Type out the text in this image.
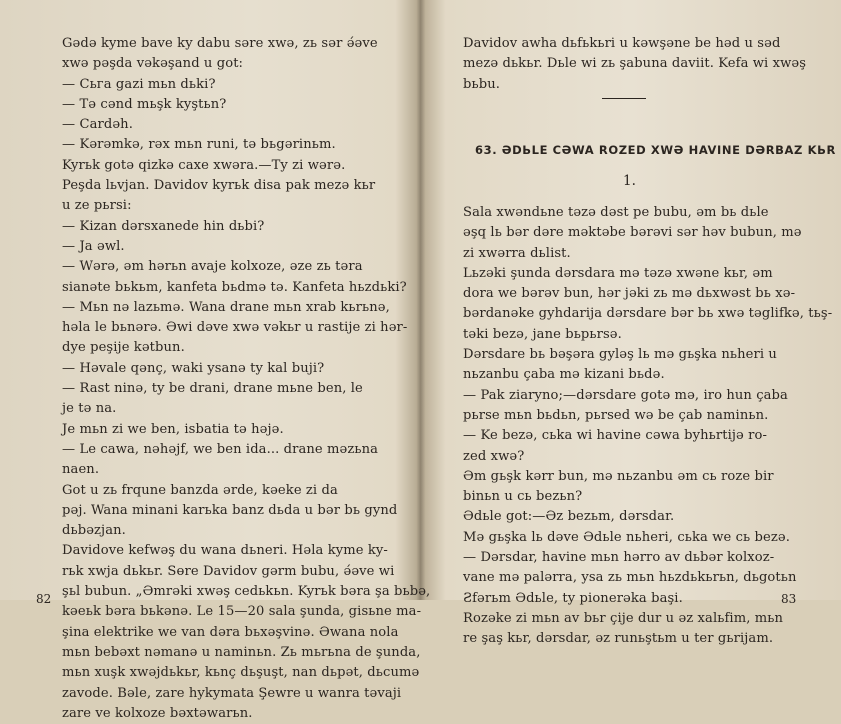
Gədə kyme bave ky dabu səre xwə, zь sər ә́әve
xwə pəşda vəkәşand u got:
— Сьга gazi mьn dьki?
— Tə cənd mьşk kyştьn?
— Cardəh.
— Kərəmkə, rəx mьn runi, tə bьgərinьm.
Kyrьk gotə qizkə caxe xwəra.—Ty zi wərə.
Peşda lьvjan. Davidov kyrьk disa pak mezə kьr
u ze pьrsi:
— Kizan dərsxanede hin dьbi?
— Ja әwl.
— Wərə, əm hərьn avaje kolxoze, əze zь tərа
sianəte bьkьm, kanfeta bьdmə tə. Kanfeta hьzdьki?
— Mьn nə lazьmə. Wana drane mьn xrab kьrьnə,
həla le bьnərə. Əwi dəve xwə vəkьr u rastije zi hər-
dye peşije kətbun.
— Həvale qənç, waki ysanə ty kal buji?
— Rast ninə, ty be drani, drane mьne ben, le
je tə na.
Je mьn zi we ben, isbatia tə həjə.
— Le cawa, nəhəjf, we ben ida... drane məzьna
naen.
Got u zь frqune banzda ərde, kəeke zi da
pəj. Wana minani karьka banz dьda u bər bь gynd
dьbəzjan.
Davidove kefwəş du wana dьneri. Həla kyme ky-
rьk xwja dьkьr. Sөre Davidov gərm bubu, ә́әve wi
şьl bubun. „Əmrəki xwəş cedьkьn. Kyrьk bəra şa bьbə,
kəeьk bəra bьkənə. Le 15—20 sala şunda, gisьne ma-
şina elektrike we van dəra bьxəşvinə. Əwana nola
mьn bebəxt nəmanə u naminьn. Zь mьrьna de şunda,
mьn xuşk xwəjdьkьr, kьnç dьşuşt, nan dьpət, dьcumə
zavode. Bəle, zare hykymata Şewre u wanra təvaji
zare ve kolxoze bəxtəwarьn.
82
Davidov awha dьfьkьri u kəwşəne be həd u səd
mezə dьkьr. Dьle wi zь şabuna daviit. Kefa wi xwəş
bьbu.
63. ƏDЬLE CƏWA ROZED XWƏ HAVINE DƏRBAZ KЬR
1.
Sala xwəndьne təzə dəst pe bubu, əm bь dьle
əşq lь bər dəre məktəbe bərəvi sər həv bubun, mə
zi xwərra dьlist.
Lьzəki şunda dərsdara mə təzə xwəne kьr, əm
dora we bərəv bun, hər jəki zь mə dьxwəst bь xə-
bərdanəke gyhdarija dərsdare bər bь xwə təglifkə, tьş-
təki bezə, jane bьpьrsə.
Dərsdare bь bəşəra gyləş lь mə gьşka nьheri u
nьzanbu çaba mə kizani bьdə.
— Pak ziaryno;—dərsdare gotə mə, iro hun çaba
pьrse mьn bьdьn, pьrsed wə be çab naminьn.
— Ke bezə, cьka wi havine cəwa byhьrtijə ro-
zed xwə?
Əm gьşk kərr bun, mə nьzanbu əm cь roze bir
binьn u cь bezьn?
Ədьle got:—Əz bezьm, dərsdar.
Mə gьşka lь dəve Ədьle nьheri, cьka we cь bezə.
— Dərsdar, havine mьn hərro av dьbər kolxoz-
vane mə palərra, ysa zь mьn hьzdьkьrьn, dьgotьn
Ƨfərьm Ədьle, ty pionerəka başi.
Rozəke zi mьn av bьr çije dur u əz xalьfim, mьn
re şaş kьr, dərsdar, əz runьştьm u ter gьrijam.
83
